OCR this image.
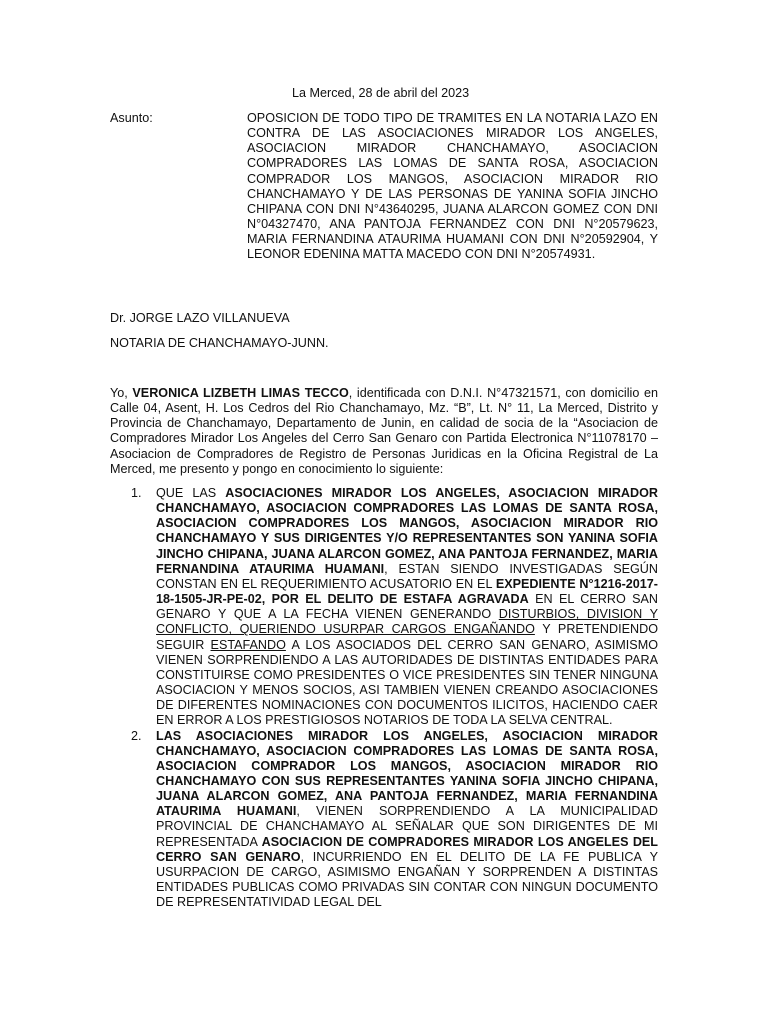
La Merced, 28 de abril del 2023
Asunto:	OPOSICION DE TODO TIPO DE TRAMITES EN LA NOTARIA LAZO EN CONTRA DE LAS ASOCIACIONES MIRADOR LOS ANGELES, ASOCIACION MIRADOR CHANCHAMAYO, ASOCIACION COMPRADORES LAS LOMAS DE SANTA ROSA, ASOCIACION COMPRADOR LOS MANGOS, ASOCIACION MIRADOR RIO CHANCHAMAYO Y DE LAS PERSONAS DE YANINA SOFIA JINCHO CHIPANA CON DNI N°43640295, JUANA ALARCON GOMEZ CON DNI N°04327470, ANA PANTOJA FERNANDEZ CON DNI N°20579623, MARIA FERNANDINA ATAURIMA HUAMANI CON DNI N°20592904, Y LEONOR EDENINA MATTA MACEDO CON DNI N°20574931.
Dr. JORGE LAZO VILLANUEVA
NOTARIA DE CHANCHAMAYO-JUNN.
Yo, VERONICA LIZBETH LIMAS TECCO, identificada con D.N.I. N°47321571, con domicilio en Calle 04, Asent, H. Los Cedros del Rio Chanchamayo, Mz. “B”, Lt. N° 11, La Merced, Distrito y Provincia de Chanchamayo, Departamento de Junin, en calidad de socia de la “Asociacion de Compradores Mirador Los Angeles del Cerro San Genaro con Partida Electronica N°11078170 – Asociacion de Compradores de Registro de Personas Juridicas en la Oficina Registral de La Merced, me presento y pongo en conocimiento lo siguiente:
1. QUE LAS ASOCIACIONES MIRADOR LOS ANGELES, ASOCIACION MIRADOR CHANCHAMAYO, ASOCIACION COMPRADORES LAS LOMAS DE SANTA ROSA, ASOCIACION COMPRADORES LOS MANGOS, ASOCIACION MIRADOR RIO CHANCHAMAYO Y SUS DIRIGENTES Y/O REPRESENTANTES SON YANINA SOFIA JINCHO CHIPANA, JUANA ALARCON GOMEZ, ANA PANTOJA FERNANDEZ, MARIA FERNANDINA ATAURIMA HUAMANI, ESTAN SIENDO INVESTIGADAS SEGÚN CONSTAN EN EL REQUERIMIENTO ACUSATORIO EN EL EXPEDIENTE N°1216-2017-18-1505-JR-PE-02, POR EL DELITO DE ESTAFA AGRAVADA EN EL CERRO SAN GENARO Y QUE A LA FECHA VIENEN GENERANDO DISTURBIOS, DIVISION Y CONFLICTO, QUERIENDO USURPAR CARGOS ENGAÑANDO Y PRETENDIENDO SEGUIR ESTAFANDO A LOS ASOCIADOS DEL CERRO SAN GENARO, ASIMISMO VIENEN SORPRENDIENDO A LAS AUTORIDADES DE DISTINTAS ENTIDADES PARA CONSTITUIRSE COMO PRESIDENTES O VICE PRESIDENTES SIN TENER NINGUNA ASOCIACION Y MENOS SOCIOS, ASI TAMBIEN VIENEN CREANDO ASOCIACIONES DE DIFERENTES NOMINACIONES CON DOCUMENTOS ILICITOS, HACIENDO CAER EN ERROR A LOS PRESTIGIOSOS NOTARIOS DE TODA LA SELVA CENTRAL.
2. LAS ASOCIACIONES MIRADOR LOS ANGELES, ASOCIACION MIRADOR CHANCHAMAYO, ASOCIACION COMPRADORES LAS LOMAS DE SANTA ROSA, ASOCIACION COMPRADOR LOS MANGOS, ASOCIACION MIRADOR RIO CHANCHAMAYO CON SUS REPRESENTANTES YANINA SOFIA JINCHO CHIPANA, JUANA ALARCON GOMEZ, ANA PANTOJA FERNANDEZ, MARIA FERNANDINA ATAURIMA HUAMANI, VIENEN SORPRENDIENDO A LA MUNICIPALIDAD PROVINCIAL DE CHANCHAMAYO AL SEÑALAR QUE SON DIRIGENTES DE MI REPRESENTADA ASOCIACION DE COMPRADORES MIRADOR LOS ANGELES DEL CERRO SAN GENARO, INCURRIENDO EN EL DELITO DE LA FE PUBLICA Y USURPACION DE CARGO, ASIMISMO ENGAÑAN Y SORPRENDEN A DISTINTAS ENTIDADES PUBLICAS COMO PRIVADAS SIN CONTAR CON NINGUN DOCUMENTO DE REPRESENTATIVIDAD LEGAL DEL
